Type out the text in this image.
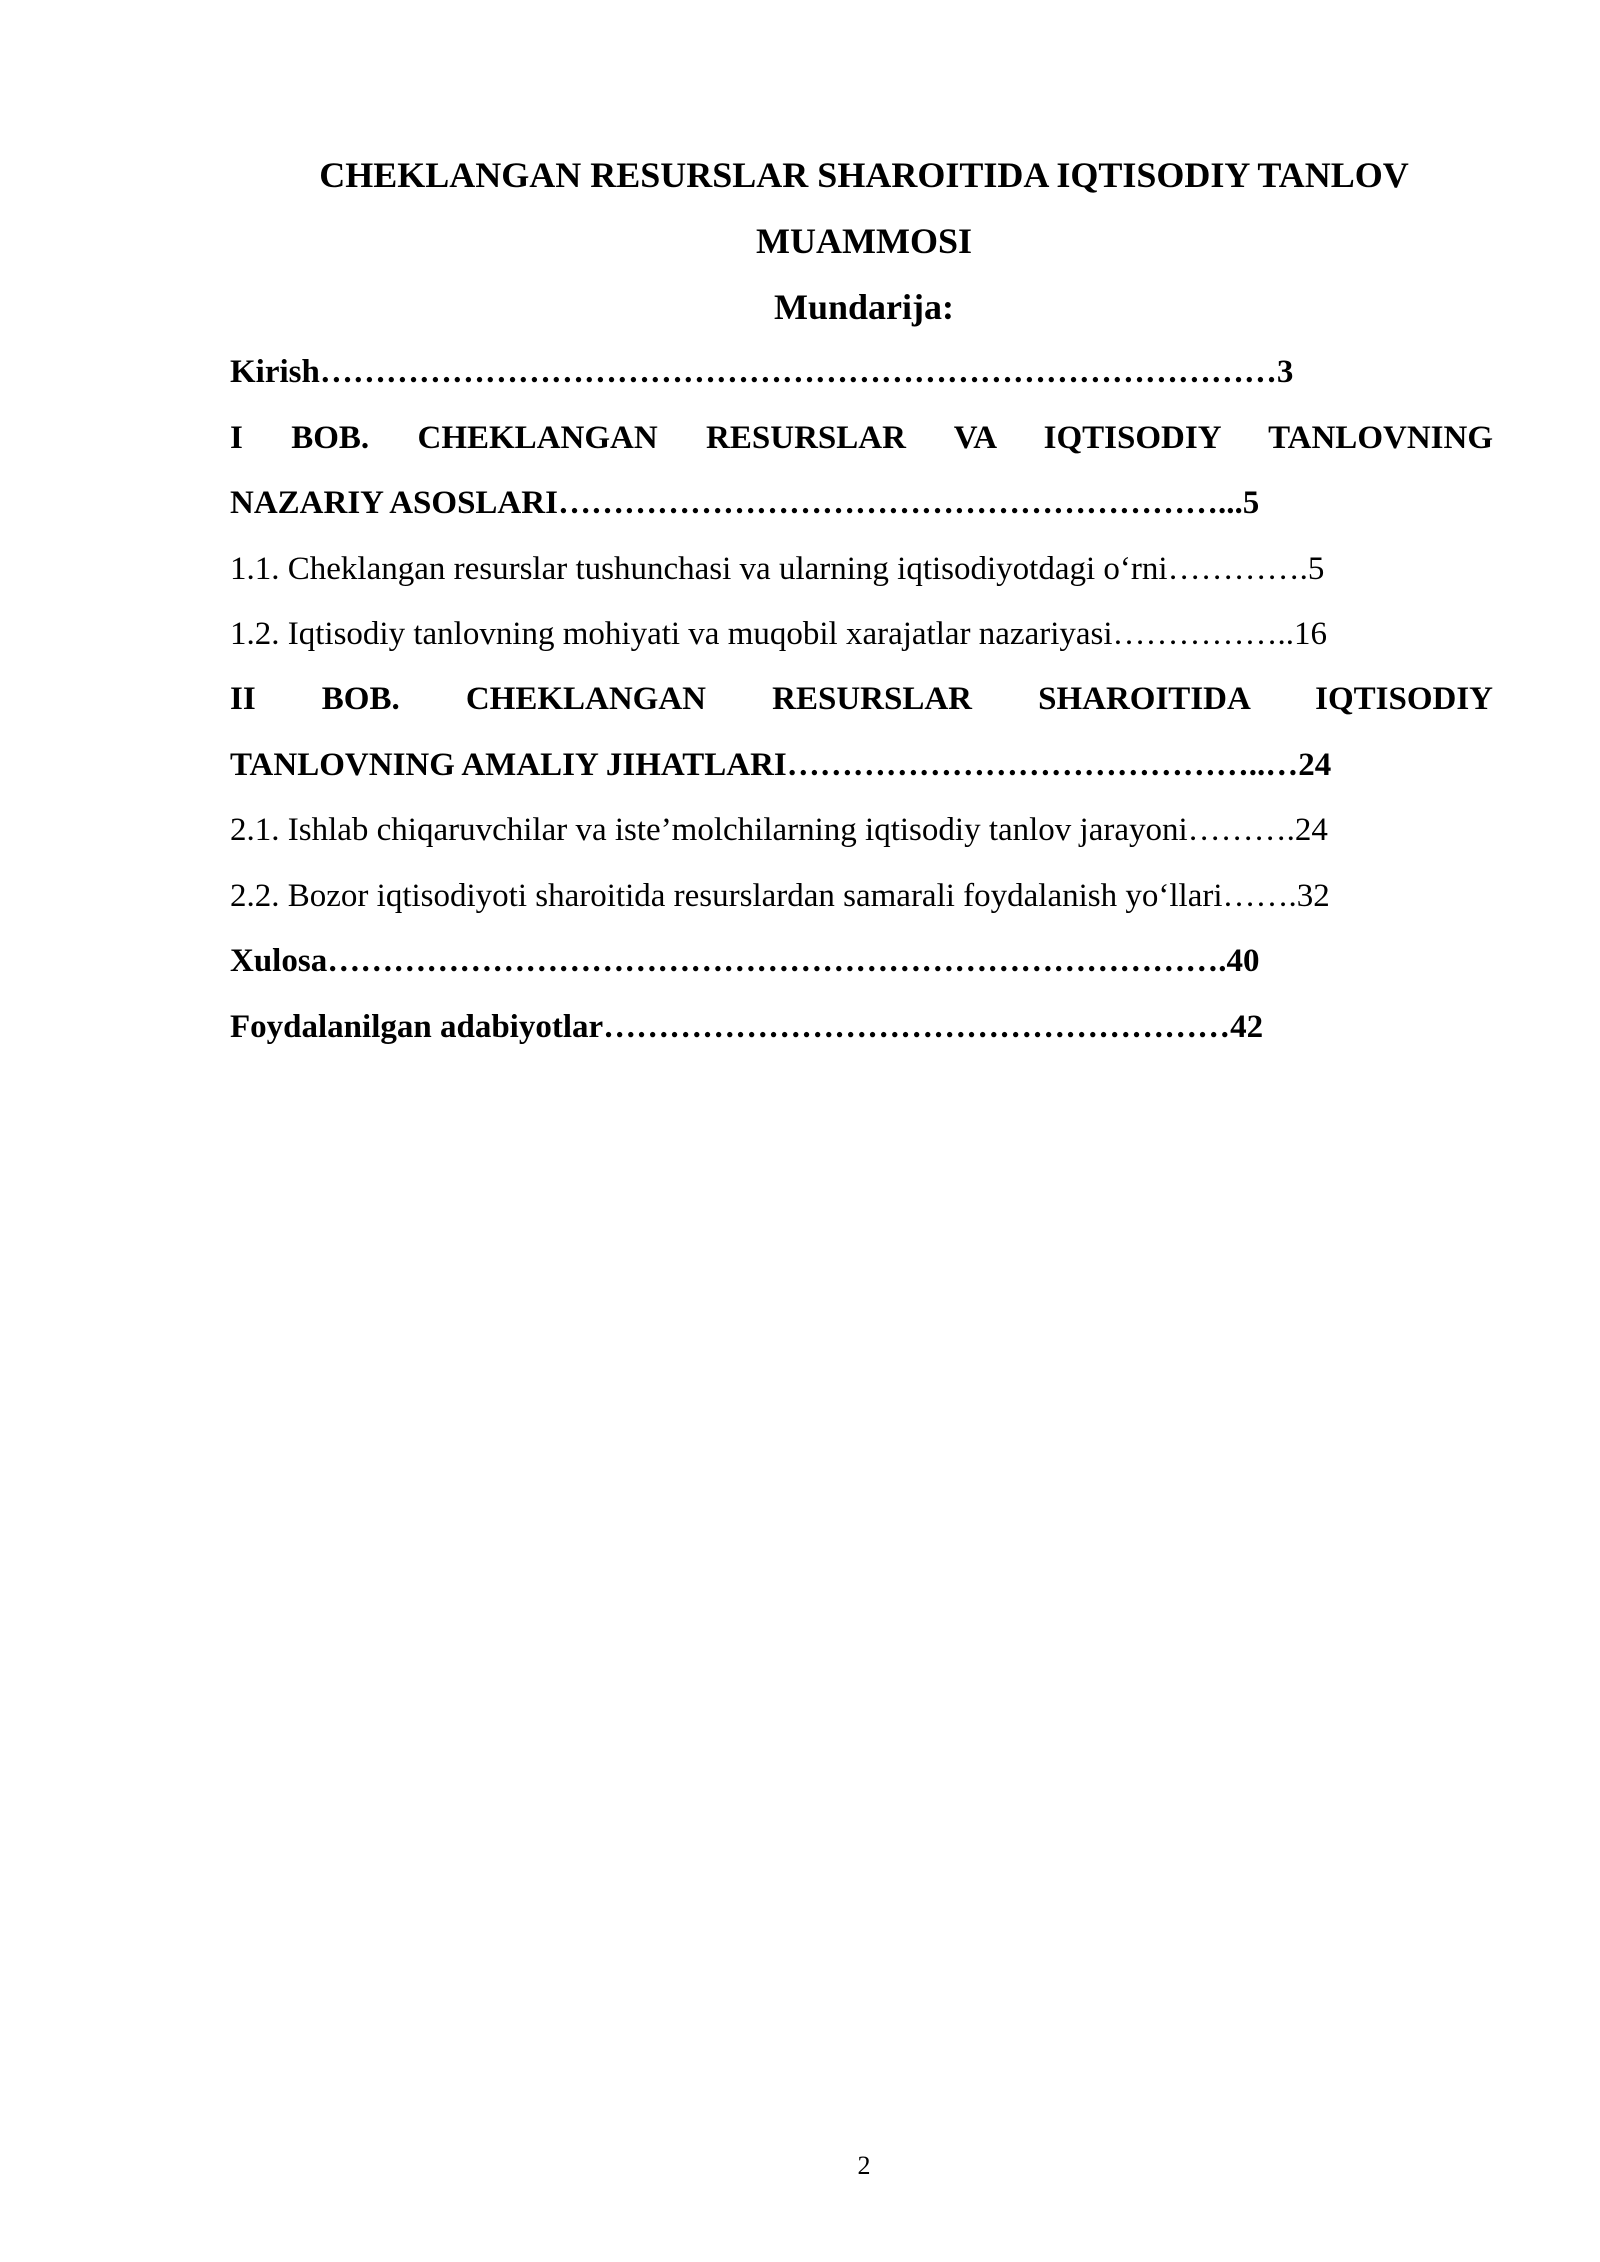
CHEKLANGAN RESURSLAR SHAROITIDA IQTISODIY TANLOV
MUAMMOSI
Mundarija:
Kirish……………………………………………………………………………3
I BOB. CHEKLANGAN RESURSLAR VA IQTISODIY TANLOVNING
NAZARIY ASOSLARI……………………………………………………...5
1.1. Cheklangan resurslar tushunchasi va ularning iqtisodiyotdagi o‘rni………….5
1.2. Iqtisodiy tanlovning mohiyati va muqobil xarajatlar nazariyasi……………..16
II BOB. CHEKLANGAN RESURSLAR SHAROITIDA IQTISODIY
TANLOVNING AMALIY JIHATLARI……………………………………..…24
2.1. Ishlab chiqaruvchilar va iste’molchilarning iqtisodiy tanlov jarayoni……….24
2.2. Bozor iqtisodiyoti sharoitida resurslardan samarali foydalanish yo‘llari…….32
Xulosa……………………………………………………………………….40
Foydalanilgan adabiyotlar…………………………………………………42
2
